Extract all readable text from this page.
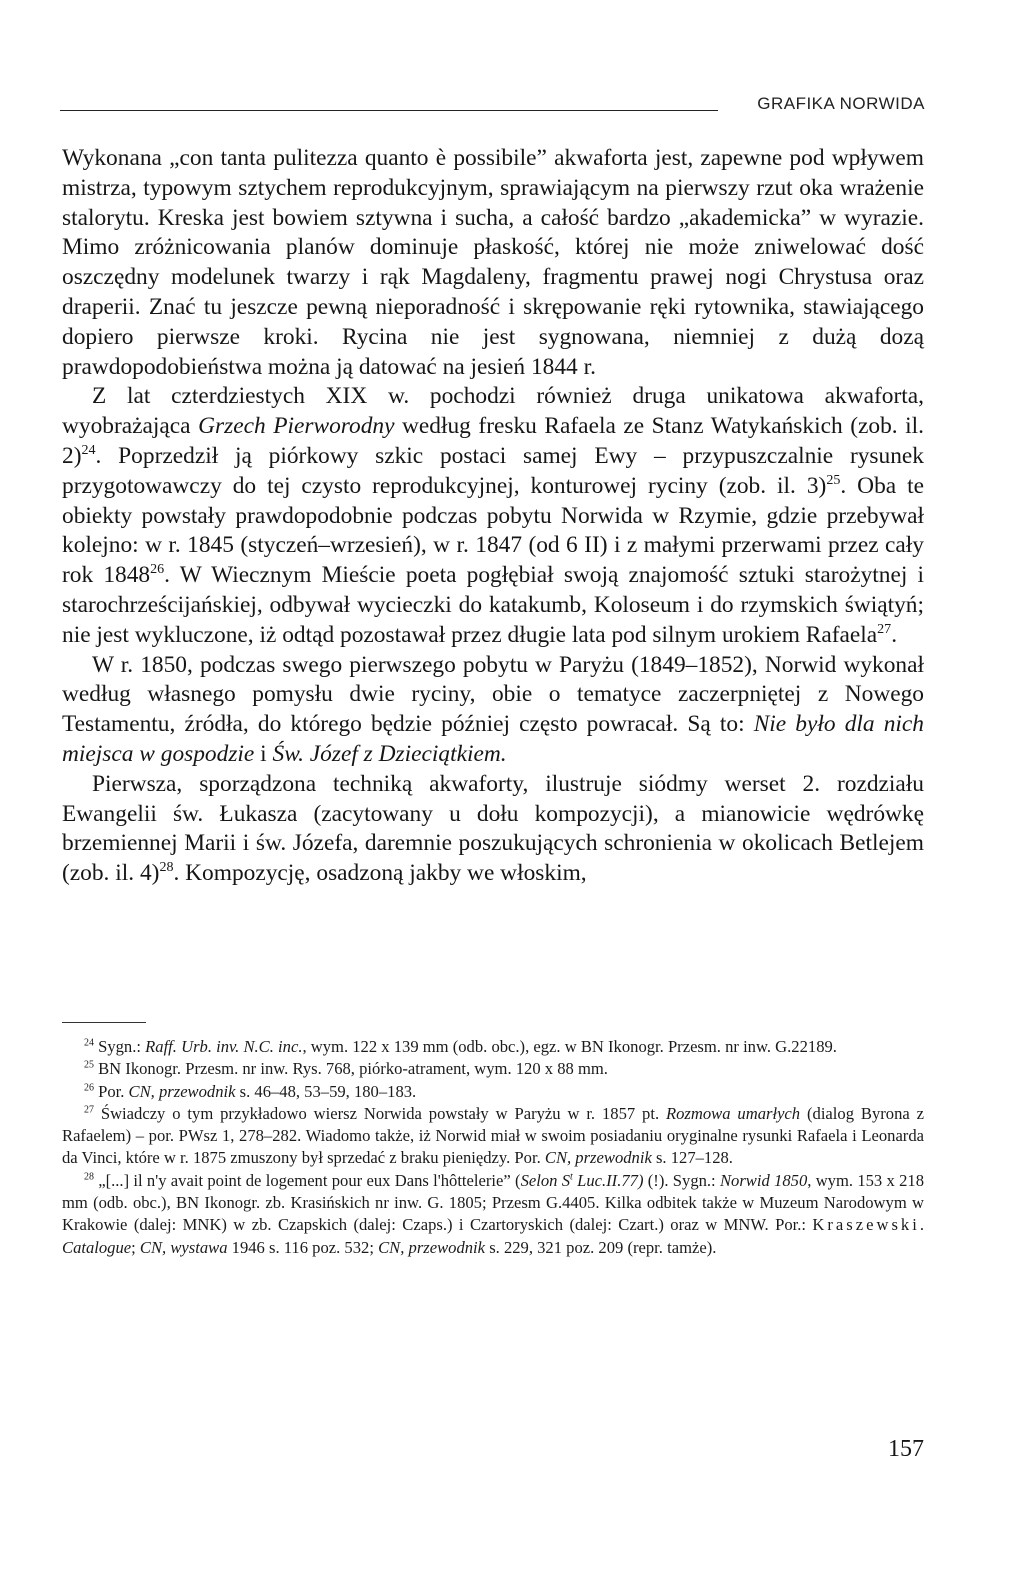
GRAFIKA NORWIDA

Wykonana „con tanta pulitezza quanto è possibile” akwaforta jest, zapewne pod wpływem mistrza, typowym sztychem reprodukcyjnym, sprawiającym na pierwszy rzut oka wrażenie stalorytu. Kreska jest bowiem sztywna i sucha, a całość bardzo „akademicka” w wyrazie. Mimo zróżnicowania planów dominuje płaskość, której nie może zniwelować dość oszczędny modelunek twarzy i rąk Magdaleny, fragmentu prawej nogi Chrystusa oraz draperii. Znać tu jeszcze pewną nieporadność i skrępowanie ręki rytownika, stawiającego dopiero pierwsze kroki. Rycina nie jest sygnowana, niemniej z dużą dozą prawdopodobieństwa można ją datować na jesień 1844 r.

Z lat czterdziestych XIX w. pochodzi również druga unikatowa akwaforta, wyobrażająca Grzech Pierworodny według fresku Rafaela ze Stanz Watykańskich (zob. il. 2)$^{24}$. Poprzedził ją piórkowy szkic postaci samej Ewy – przypuszczalnie rysunek przygotowawczy do tej czysto reprodukcyjnej, konturowej ryciny (zob. il. 3)$^{25}$. Oba te obiekty powstały prawdopodobnie podczas pobytu Norwida w Rzymie, gdzie przebywał kolejno: w r. 1845 (styczeń–wrzesień), w r. 1847 (od 6 II) i z małymi przerwami przez cały rok 1848$^{26}$. W Wiecznym Mieście poeta pogłębiał swoją znajomość sztuki starożytnej i starochrześcijańskiej, odbywał wycieczki do katakumb, Koloseum i do rzymskich świątyń; nie jest wykluczone, iż odtąd pozostawał przez długie lata pod silnym urokiem Rafaela$^{27}$.

W r. 1850, podczas swego pierwszego pobytu w Paryżu (1849–1852), Norwid wykonał według własnego pomysłu dwie ryciny, obie o tematyce zaczerpniętej z Nowego Testamentu, źródła, do którego będzie później często powracał. Są to: Nie było dla nich miejsca w gospodzie i Św. Józef z Dzieciątkiem.

Pierwsza, sporządzona techniką akwaforty, ilustruje siódmy werset 2. rozdziału Ewangelii św. Łukasza (zacytowany u dołu kompozycji), a mianowicie wędrówkę brzemiennej Marii i św. Józefa, daremnie poszukujących schronienia w okolicach Betlejem (zob. il. 4)$^{28}$. Kompozycję, osadzoną jakby we włoskim,

$^{24}$ Sygn.: Raff. Urb. inv. N.C. inc., wym. 122 x 139 mm (odb. obc.), egz. w BN Ikonogr. Przesm. nr inw. G.22189.

$^{25}$ BN Ikonogr. Przesm. nr inw. Rys. 768, piórko-atrament, wym. 120 x 88 mm.

$^{26}$ Por. CN, przewodnik s. 46–48, 53–59, 180–183.

$^{27}$ Świadczy o tym przykładowo wiersz Norwida powstały w Paryżu w r. 1857 pt. Rozmowa umarłych (dialog Byrona z Rafaelem) – por. PWsz 1, 278–282. Wiadomo także, iż Norwid miał w swoim posiadaniu oryginalne rysunki Rafaela i Leonarda da Vinci, które w r. 1875 zmuszony był sprzedać z braku pieniędzy. Por. CN, przewodnik s. 127–128.

$^{28}$ „[...] il n'y avait point de logement pour eux Dans l'hôttelerie” (Selon $S^t$ Luc.II.77) (!). Sygn.: Norwid 1850, wym. 153 x 218 mm (odb. obc.), BN Ikonogr. zb. Krasińskich nr inw. G. 1805; Przesm G.4405. Kilka odbitek także w Muzeum Narodowym w Krakowie (dalej: MNK) w zb. Czapskich (dalej: Czaps.) i Czartoryskich (dalej: Czart.) oraz w MNW. Por.: Kraszewski. Catalogue; CN, wystawa 1946 s. 116 poz. 532; CN, przewodnik s. 229, 321 poz. 209 (repr. tamże).

157
